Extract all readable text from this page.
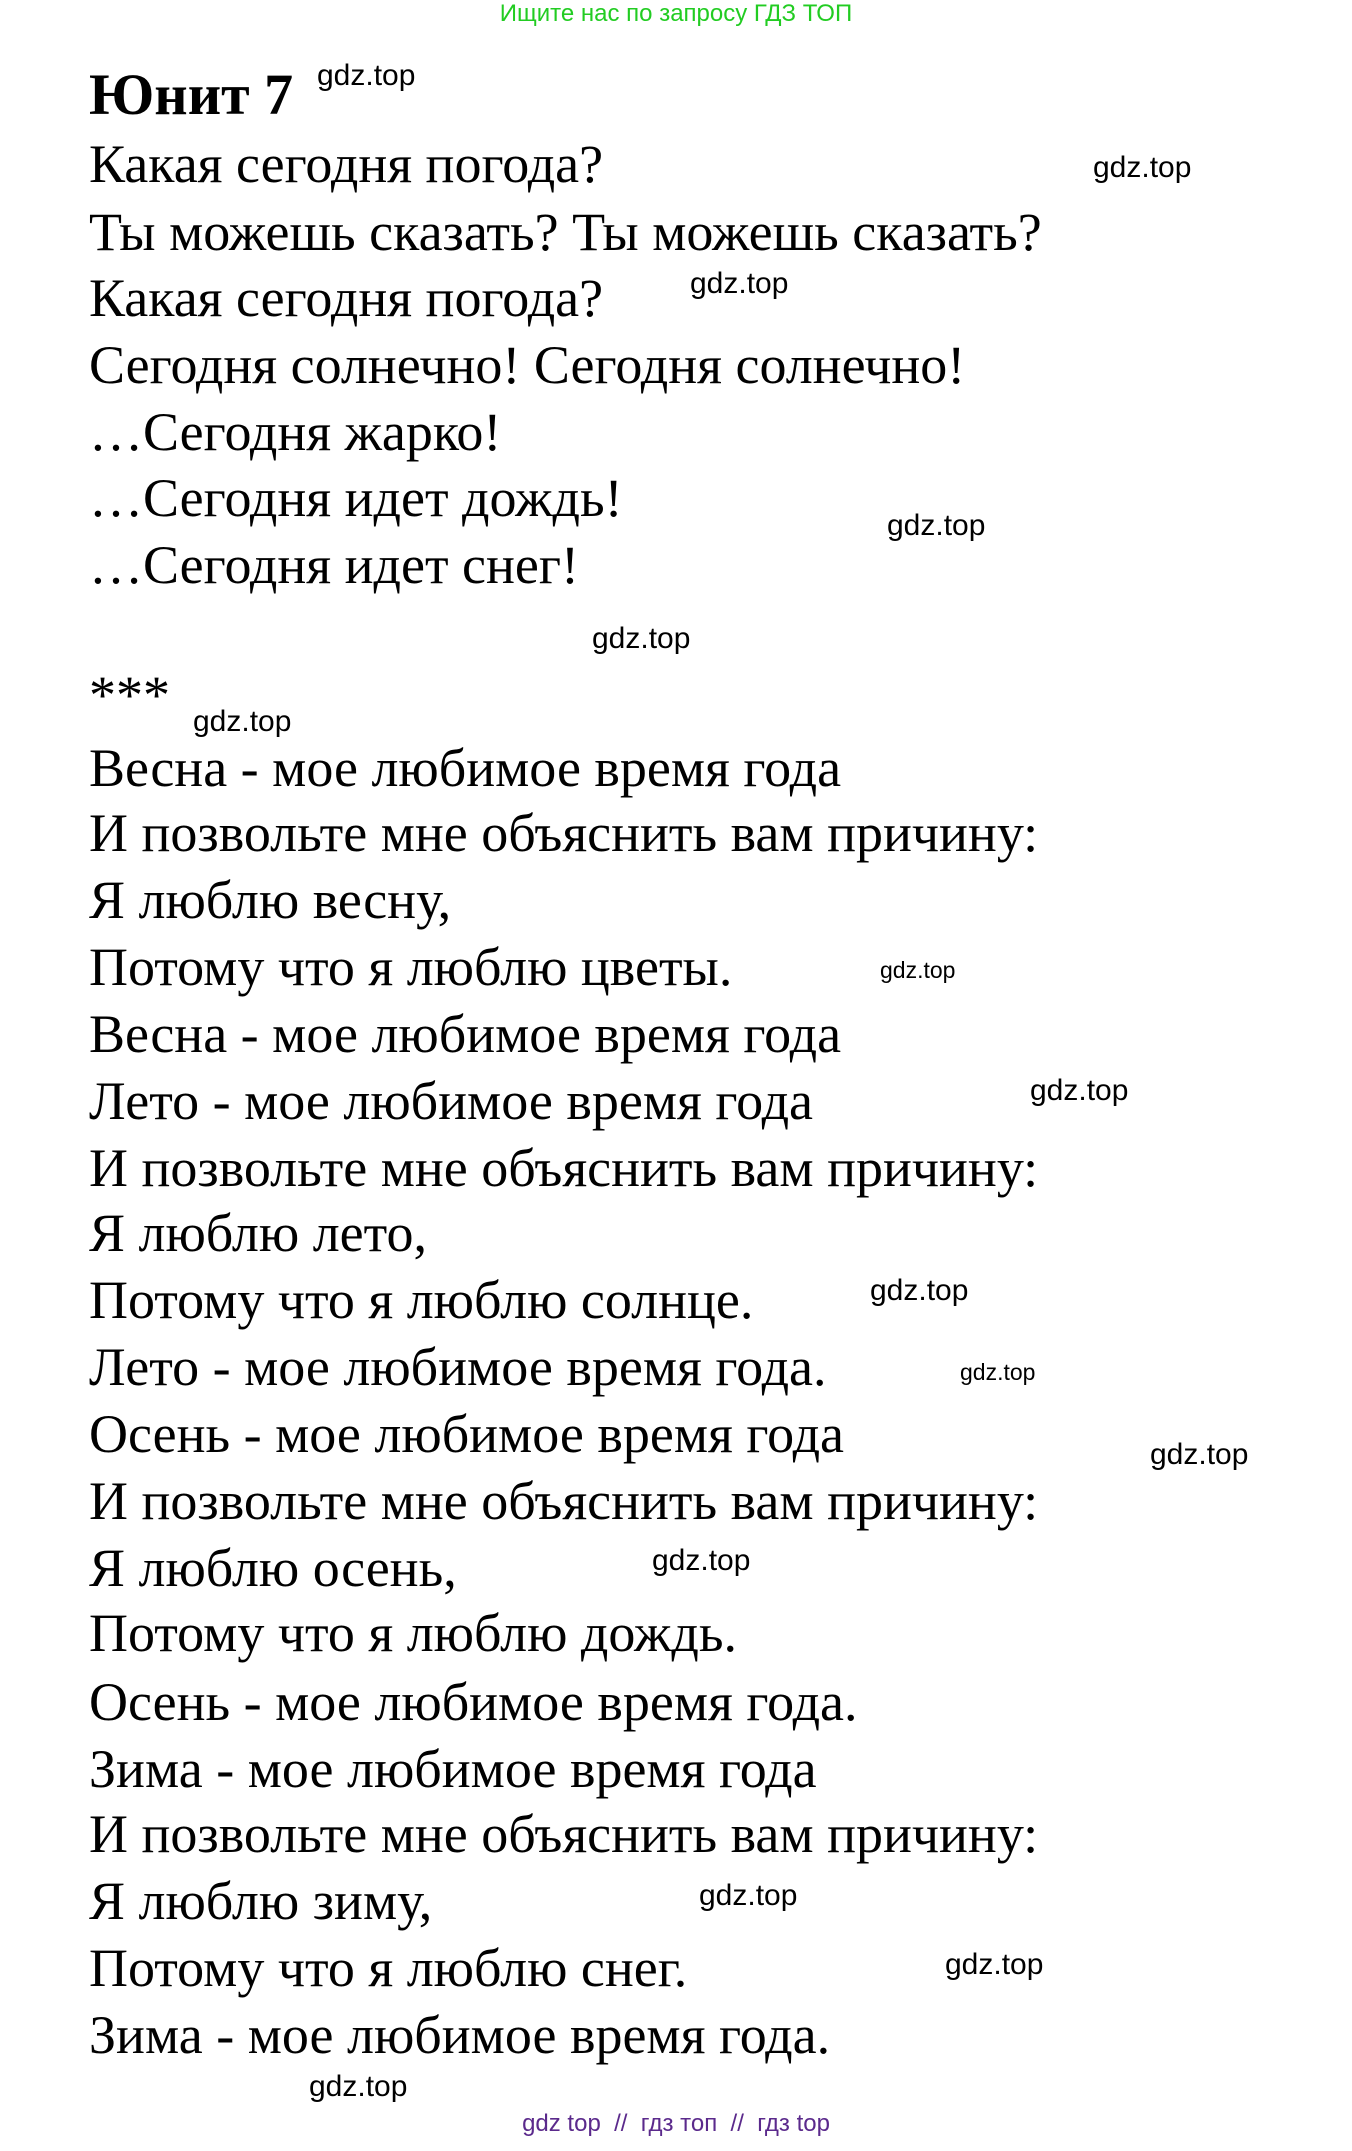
Ищите нас по запросу ГДЗ ТОП
Юнит 7
Какая сегодня погода?
Ты можешь сказать? Ты можешь сказать?
Какая сегодня погода?
Сегодня солнечно! Сегодня солнечно!
…Сегодня жарко!
…Сегодня идет дождь!
…Сегодня идет снег!
***
Весна - мое любимое время года
И позвольте мне объяснить вам причину:
Я люблю весну,
Потому что я люблю цветы.
Весна - мое любимое время года
Лето - мое любимое время года
И позвольте мне объяснить вам причину:
Я люблю лето,
Потому что я люблю солнце.
Лето - мое любимое время года.
Осень - мое любимое время года
И позвольте мне объяснить вам причину:
Я люблю осень,
Потому что я люблю дождь.
Осень - мое любимое время года.
Зима - мое любимое время года
И позвольте мне объяснить вам причину:
Я люблю зиму,
Потому что я люблю снег.
Зима - мое любимое время года.
gdz.top
gdz.top
gdz.top
gdz.top
gdz.top
gdz.top
gdz.top
gdz.top
gdz.top
gdz.top
gdz.top
gdz.top
gdz.top
gdz.top
gdz.top
gdz top  //  гдз топ  //  гдз top
